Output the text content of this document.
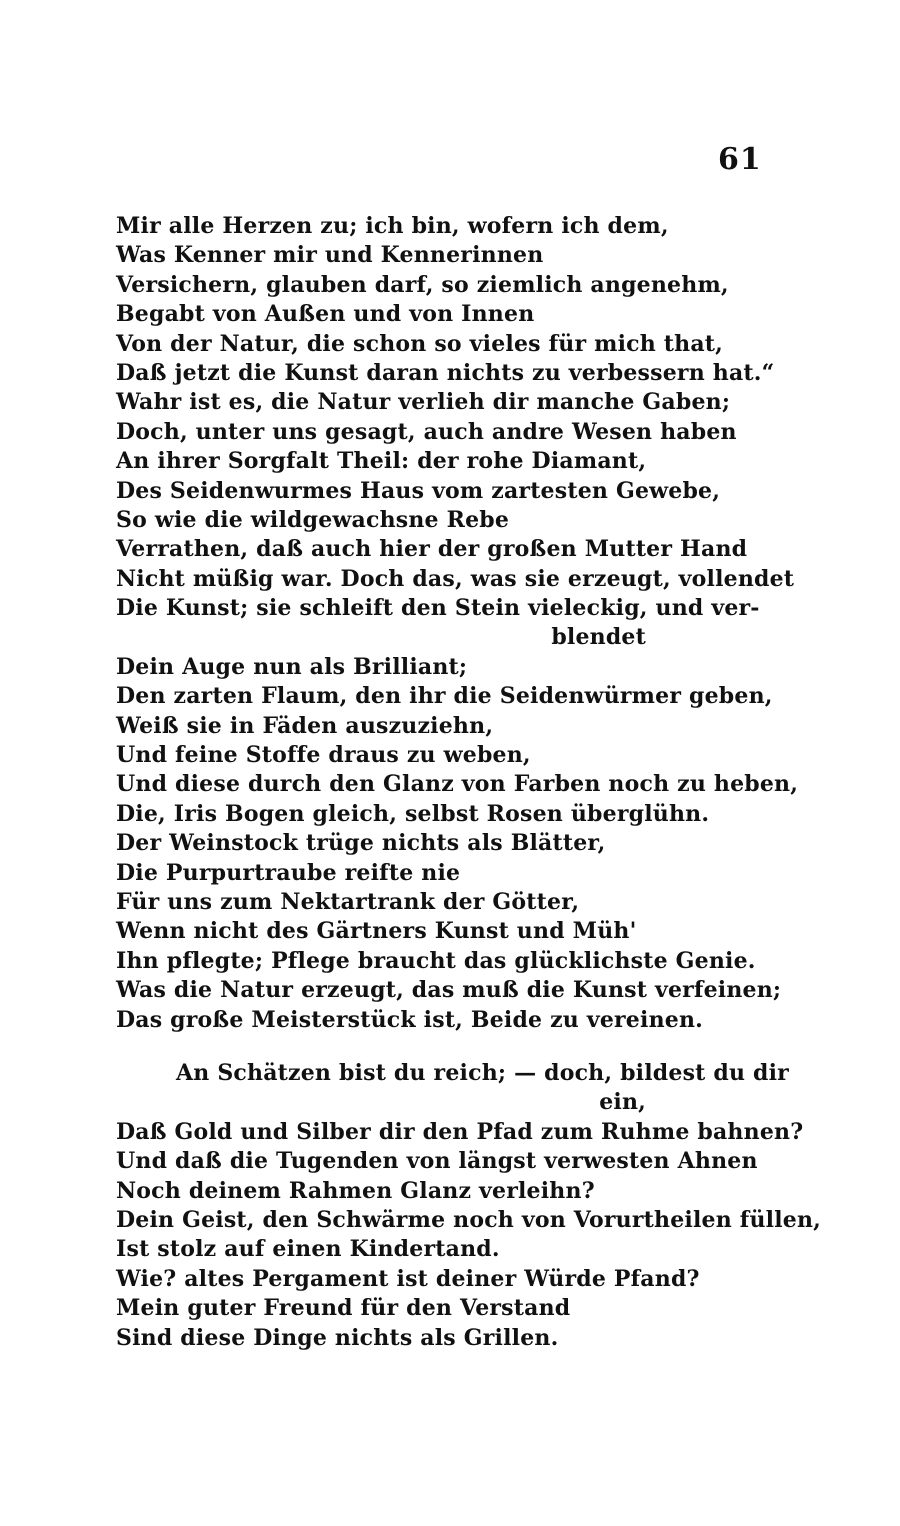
61
Mir alle Herzen zu; ich bin, wofern ich dem,
Was Kenner mir und Kennerinnen
Versichern, glauben darf, so ziemlich angenehm,
Begabt von Außen und von Innen
Von der Natur, die schon so vieles für mich that,
Daß jetzt die Kunst daran nichts zu verbessern hat.“
Wahr ist es, die Natur verlieh dir manche Gaben;
Doch, unter uns gesagt, auch andre Wesen haben
An ihrer Sorgfalt Theil: der rohe Diamant,
Des Seidenwurmes Haus vom zartesten Gewebe,
So wie die wildgewachsne Rebe
Verrathen, daß auch hier der großen Mutter Hand
Nicht müßig war. Doch das, was sie erzeugt, vollendet
Die Kunst; sie schleift den Stein vieleckig, und ver-
blendet
Dein Auge nun als Brilliant;
Den zarten Flaum, den ihr die Seidenwürmer geben,
Weiß sie in Fäden auszuziehn,
Und feine Stoffe draus zu weben,
Und diese durch den Glanz von Farben noch zu heben,
Die, Iris Bogen gleich, selbst Rosen überglühn.
Der Weinstock trüge nichts als Blätter,
Die Purpurtraube reifte nie
Für uns zum Nektartrank der Götter,
Wenn nicht des Gärtners Kunst und Müh'
Ihn pflegte; Pflege braucht das glücklichste Genie.
Was die Natur erzeugt, das muß die Kunst verfeinen;
Das große Meisterstück ist, Beide zu vereinen.
An Schätzen bist du reich; — doch, bildest du dir
ein,
Daß Gold und Silber dir den Pfad zum Ruhme bahnen?
Und daß die Tugenden von längst verwesten Ahnen
Noch deinem Rahmen Glanz verleihn?
Dein Geist, den Schwärme noch von Vorurtheilen füllen,
Ist stolz auf einen Kindertand.
Wie? altes Pergament ist deiner Würde Pfand?
Mein guter Freund für den Verstand
Sind diese Dinge nichts als Grillen.
